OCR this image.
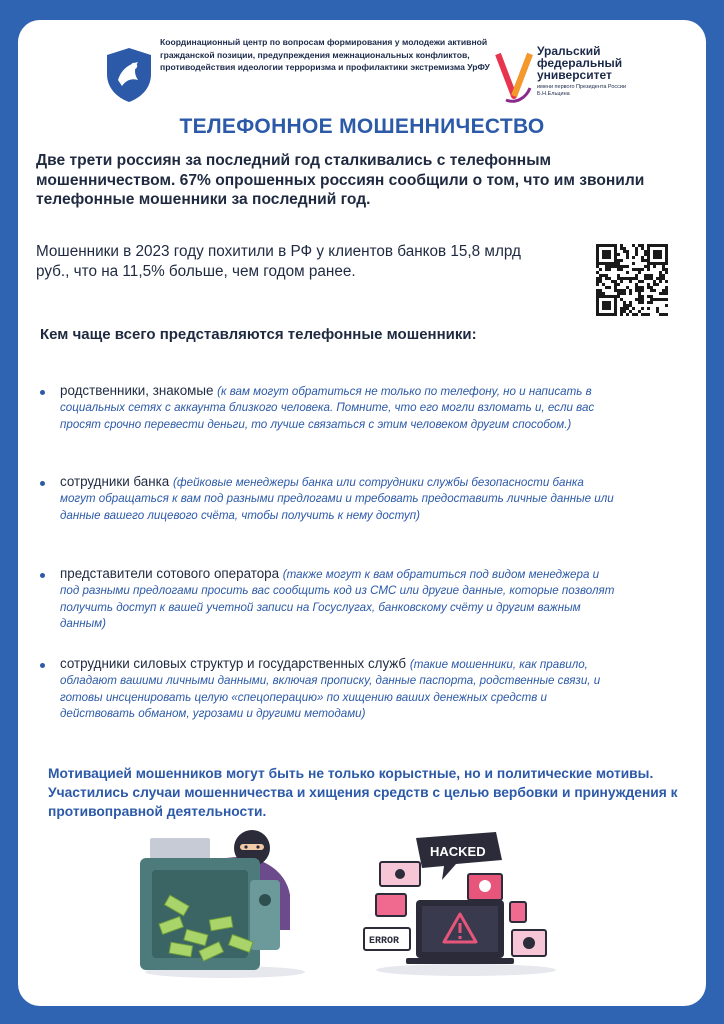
Координационный центр по вопросам формирования у молодежи активной гражданской позиции, предупреждения межнациональных конфликтов, противодействия идеологии терроризма и профилактики экстремизма УрФУ
Уральский федеральный университет
имени первого Президента России Б.Н.Ельцина
ТЕЛЕФОННОЕ МОШЕННИЧЕСТВО
Две трети россиян за последний год сталкивались с телефонным мошенничеством. 67% опрошенных россиян сообщили о том, что им звонили телефонные мошенники за последний год.
Мошенники в 2023 году похитили в РФ у клиентов банков 15,8 млрд руб., что на 11,5% больше, чем годом ранее.
Кем чаще всего представляются телефонные мошенники:
родственники, знакомые (к вам могут обратиться не только по телефону, но и написать в социальных сетях с аккаунта близкого человека. Помните, что его могли взломать и, если вас просят срочно перевести деньги, то лучше связаться с этим человеком другим способом.)
сотрудники банка (фейковые менеджеры банка или сотрудники службы безопасности банка могут обращаться к вам под разными предлогами и требовать предоставить личные данные или данные вашего лицевого счёта, чтобы получить к нему доступ)
представители сотового оператора (также могут к вам обратиться под видом менеджера и под разными предлогами просить вас сообщить код из СМС или другие данные, которые позволят получить доступ к вашей учетной записи на Госуслугах, банковскому счёту и другим важным данным)
сотрудники силовых структур и государственных служб (такие мошенники, как правило, обладают вашими личными данными, включая прописку, данные паспорта, родственные связи, и готовы инсценировать целую «спецоперацию» по хищению ваших денежных средств и действовать обманом, угрозами и другими методами)
Мотивацией мошенников могут быть не только корыстные, но и политические мотивы. Участились случаи мошенничества и хищения средств с целью вербовки и принуждения к противоправной деятельности.
HACKED
ERROR
